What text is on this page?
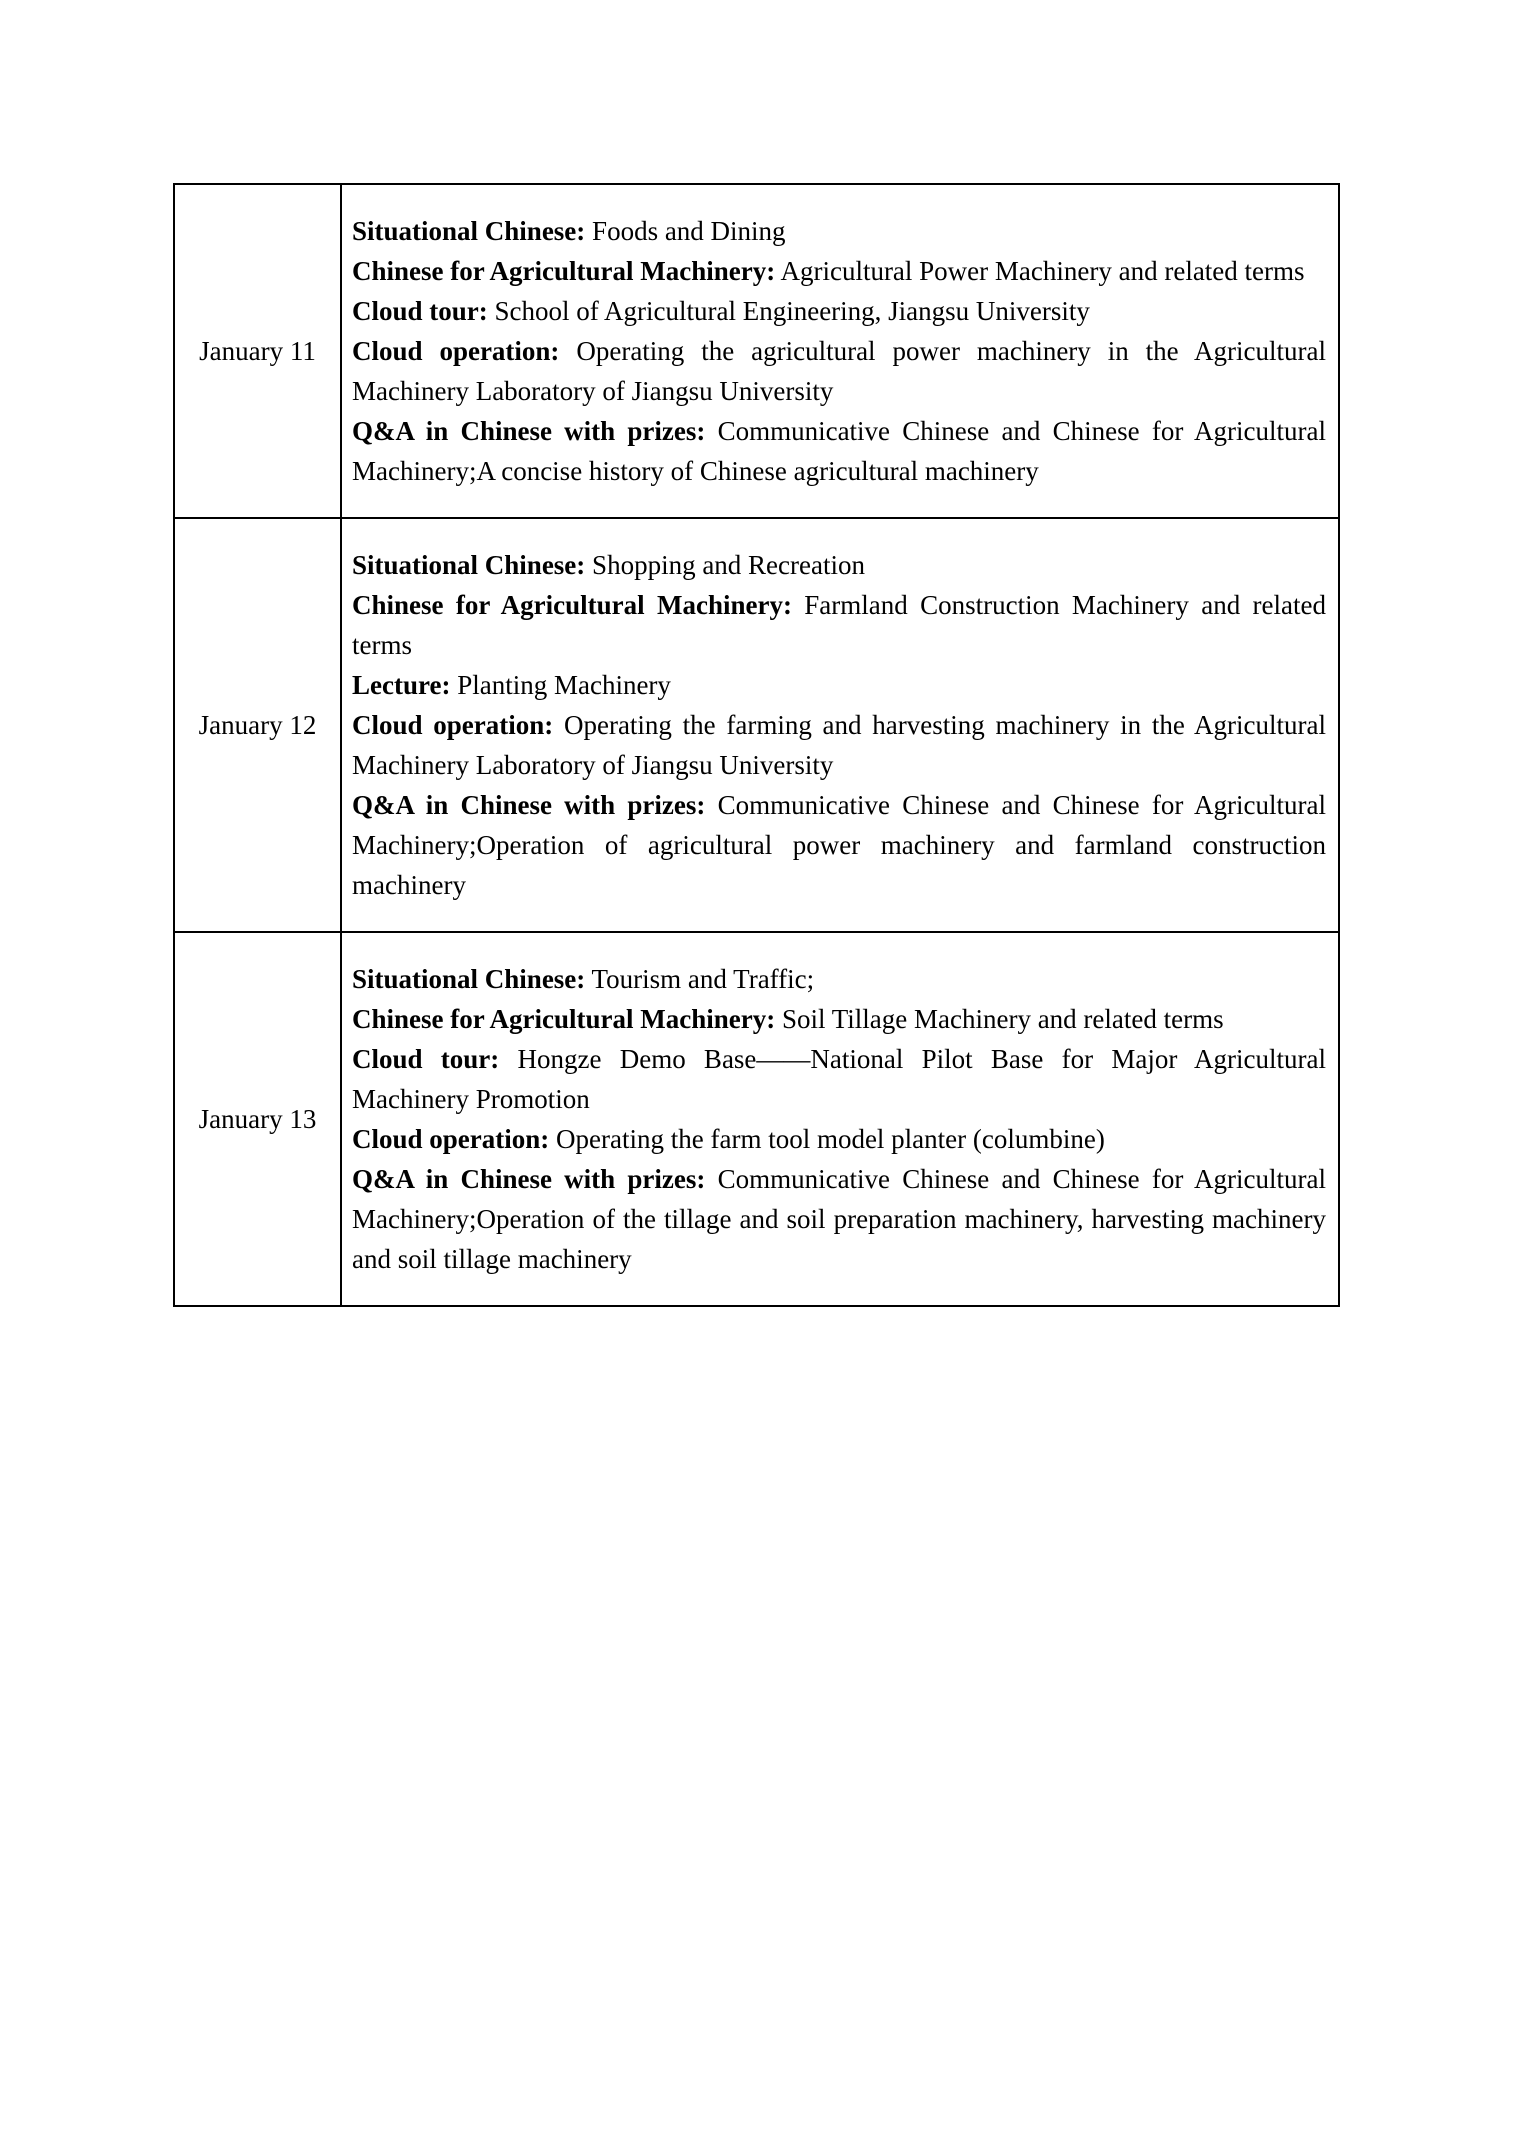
January 11	Situational Chinese: Foods and Dining

Chinese for Agricultural Machinery: Agricultural Power Machinery and related terms

Cloud tour: School of Agricultural Engineering, Jiangsu University

Cloud operation: Operating the agricultural power machinery in the Agricultural Machinery Laboratory of Jiangsu University

Q&A in Chinese with prizes: Communicative Chinese and Chinese for Agricultural Machinery;A concise history of Chinese agricultural machinery

January 12	Situational Chinese: Shopping and Recreation

Chinese for Agricultural Machinery: Farmland Construction Machinery and related terms

Lecture: Planting Machinery

Cloud operation: Operating the farming and harvesting machinery in the Agricultural Machinery Laboratory of Jiangsu University

Q&A in Chinese with prizes: Communicative Chinese and Chinese for Agricultural Machinery;Operation of agricultural power machinery and farmland construction machinery

January 13	Situational Chinese: Tourism and Traffic;

Chinese for Agricultural Machinery: Soil Tillage Machinery and related terms

Cloud tour: Hongze Demo Base——National Pilot Base for Major Agricultural Machinery Promotion

Cloud operation: Operating the farm tool model planter (columbine)

Q&A in Chinese with prizes: Communicative Chinese and Chinese for Agricultural Machinery;Operation of the tillage and soil preparation machinery, harvesting machinery and soil tillage machinery
